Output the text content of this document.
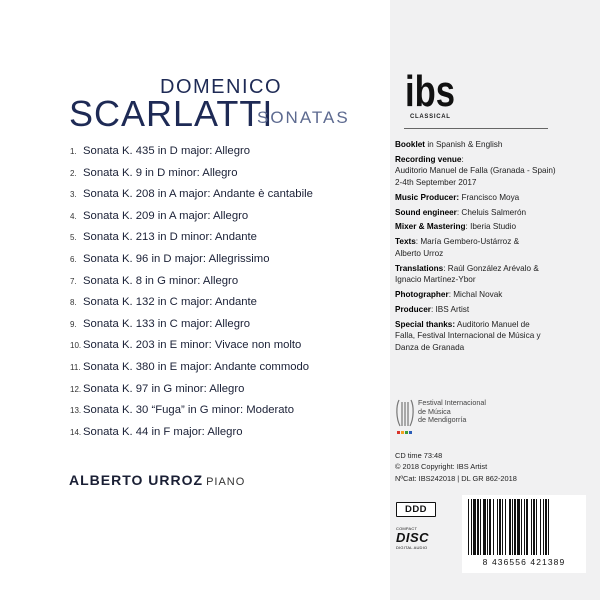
DOMENICO
SCARLATTI
SONATAS
1. Sonata K. 435 in D major: Allegro
2. Sonata K. 9 in D minor: Allegro
3. Sonata K. 208 in A major: Andante è cantabile
4. Sonata K. 209 in A major: Allegro
5. Sonata K. 213 in D minor: Andante
6. Sonata K. 96 in D major: Allegrissimo
7. Sonata K. 8 in G minor: Allegro
8. Sonata K. 132 in C major: Andante
9. Sonata K. 133 in C major: Allegro
10. Sonata K. 203 in E minor: Vivace non molto
11. Sonata K. 380 in E major: Andante commodo
12. Sonata K. 97 in G minor: Allegro
13. Sonata K. 30 “Fuga” in G minor: Moderato
14. Sonata K. 44 in F major: Allegro
ALBERTO URROZ PIANO
ibs
CLASSICAL

Booklet in Spanish & English

Recording venue:
Auditorio Manuel de Falla (Granada - Spain)
2-4th September 2017

Music Producer: Francisco Moya

Sound engineer: Cheluis Salmerón

Mixer & Mastering: Iberia Studio

Texts: María Gembero-Ustárroz &
Alberto Urroz

Translations: Raúl González Arévalo &
Ignacio Martínez-Ybor

Photographer: Michal Novak

Producer: IBS Artist

Special thanks: Auditorio Manuel de
Falla, Festival Internacional de Música y
Danza de Granada

Festival Internacional
de Música
de Mendigorría
CD time 73:48
© 2018 Copyright: IBS Artist
NºCat: IBS242018 | DL GR 862-2018
DDD
COMPACT
DISC
DIGITAL AUDIO
8 436556 421389
